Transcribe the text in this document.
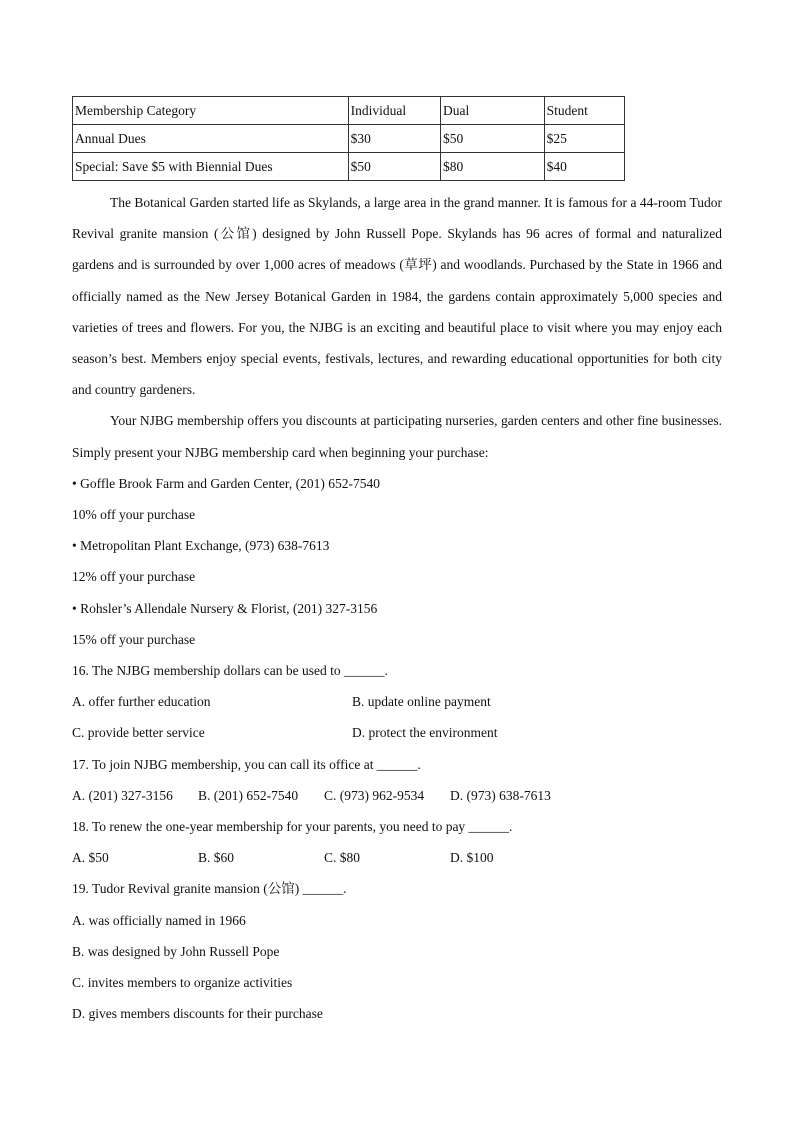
Membership Category	Individual	Dual	Student
Annual Dues	$30	$50	$25
Special: Save $5 with Biennial Dues	$50	$80	$40

The Botanical Garden started life as Skylands, a large area in the grand manner. It is famous for a 44-room Tudor Revival granite mansion (公馆) designed by John Russell Pope. Skylands has 96 acres of formal and naturalized gardens and is surrounded by over 1,000 acres of meadows (草坪) and woodlands. Purchased by the State in 1966 and officially named as the New Jersey Botanical Garden in 1984, the gardens contain approximately 5,000 species and varieties of trees and flowers. For you, the NJBG is an exciting and beautiful place to visit where you may enjoy each season’s best. Members enjoy special events, festivals, lectures, and rewarding educational opportunities for both city and country gardeners.

Your NJBG membership offers you discounts at participating nurseries, garden centers and other fine businesses. Simply present your NJBG membership card when beginning your purchase:

• Goffle Brook Farm and Garden Center, (201) 652-7540
10% off your purchase
• Metropolitan Plant Exchange, (973) 638-7613
12% off your purchase
• Rohsler’s Allendale Nursery & Florist, (201) 327-3156
15% off your purchase
16. The NJBG membership dollars can be used to ______.
A. offer further education	B. update online payment
C. provide better service	D. protect the environment
17. To join NJBG membership, you can call its office at ______.
A. (201) 327-3156	B. (201) 652-7540	C. (973) 962-9534	D. (973) 638-7613
18. To renew the one-year membership for your parents, you need to pay ______.
A. $50	B. $60	C. $80	D. $100
19. Tudor Revival granite mansion (公馆) ______.
A. was officially named in 1966
B. was designed by John Russell Pope
C. invites members to organize activities
D. gives members discounts for their purchase
